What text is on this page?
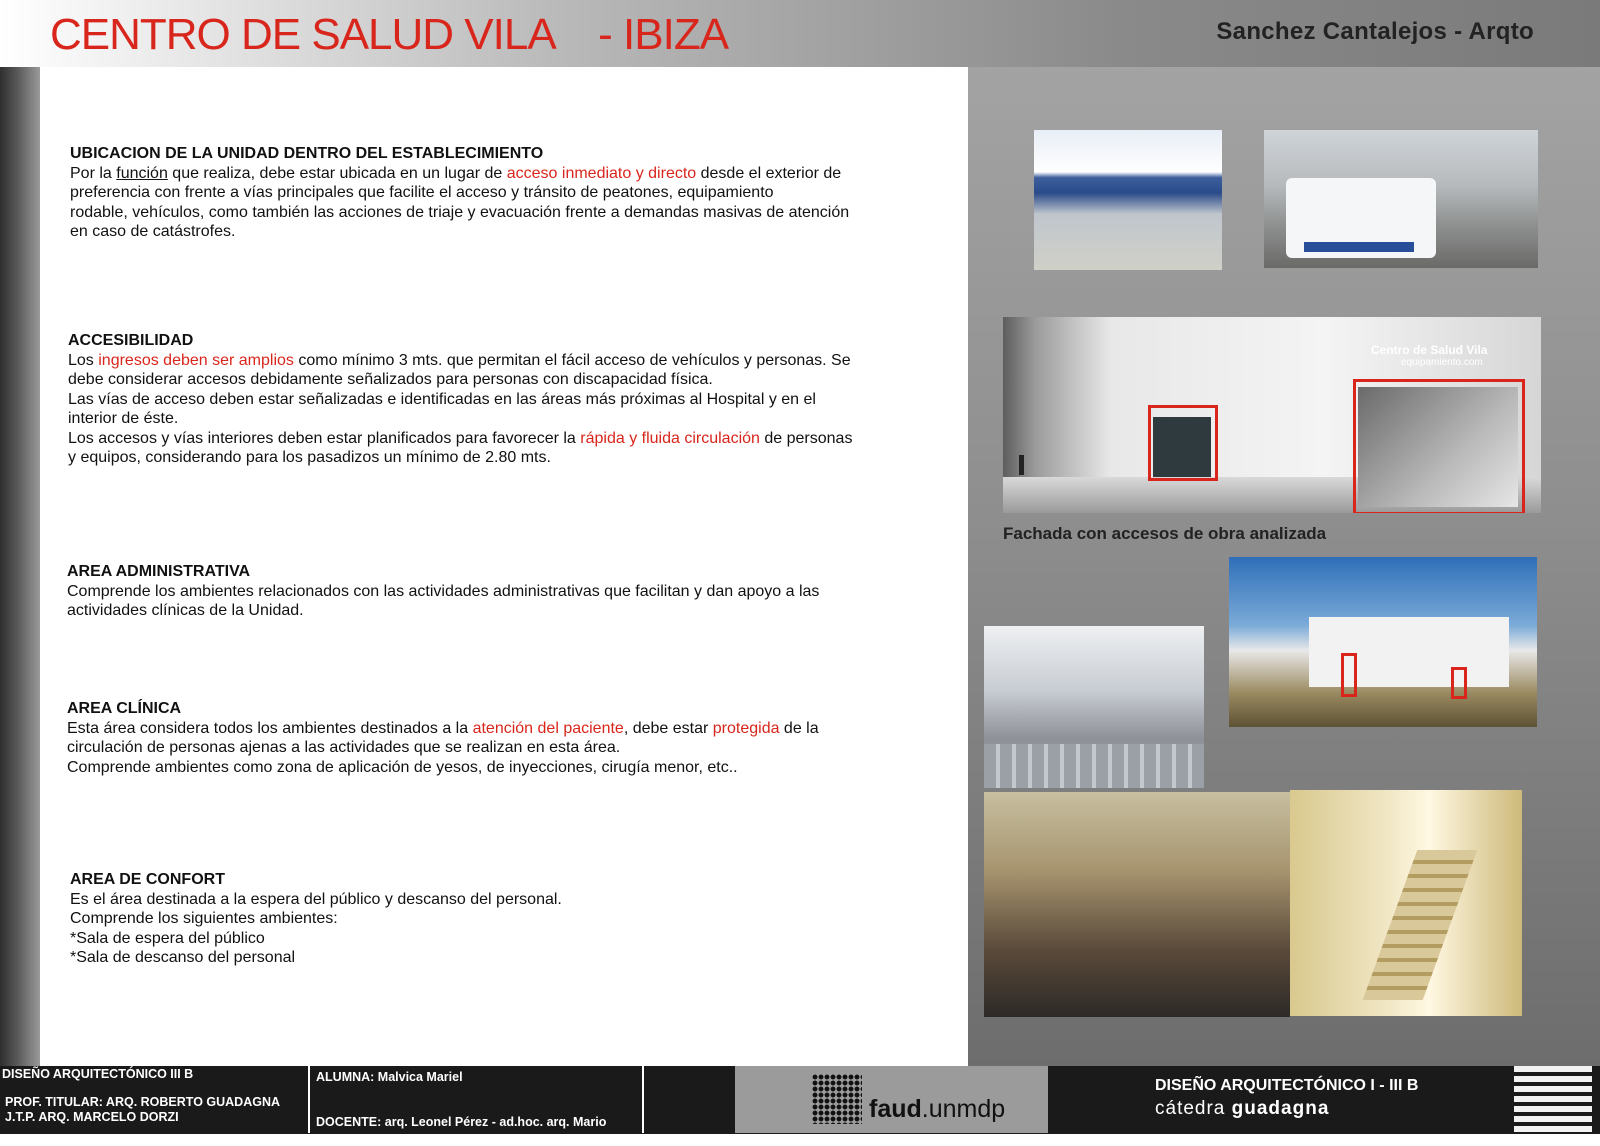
CENTRO DE SALUD VILA    - IBIZA	Sanchez Cantalejos - Arqto

UBICACION DE LA UNIDAD DENTRO DEL ESTABLECIMIENTO

Por la función que realiza, debe estar ubicada en un lugar de acceso inmediato y directo desde el exterior de

preferencia con frente a vías principales que facilite el acceso y tránsito de peatones, equipamiento

rodable, vehículos, como también las acciones de triaje y evacuación frente a demandas masivas de atención

en caso de catástrofes.

ACCESIBILIDAD

Los ingresos deben ser amplios como mínimo 3 mts. que permitan el fácil acceso de vehículos y personas. Se

debe considerar accesos debidamente señalizados para personas con discapacidad física.

Las vías de acceso deben estar señalizadas e identificadas en las áreas más próximas al Hospital y en el

interior de éste.

Los accesos y vías interiores deben estar planificados para favorecer la rápida y fluida circulación de personas

y equipos, considerando para los pasadizos un mínimo de 2.80 mts.

AREA ADMINISTRATIVA

Comprende los ambientes relacionados con las actividades administrativas que facilitan y dan apoyo a las

actividades clínicas de la Unidad.

AREA CLÍNICA

Esta área considera todos los ambientes destinados a la atención del paciente, debe estar protegida de la

circulación de personas ajenas a las actividades que se realizan en esta área.

Comprende ambientes como zona de aplicación de yesos, de inyecciones, cirugía menor, etc..

AREA DE CONFORT

Es el área destinada a la espera del público y descanso del personal.

Comprende los siguientes ambientes:

*Sala de espera del público

*Sala de descanso del personal

Centro de Salud Vila
equipamiento.com
Fachada con accesos de obra analizada
DISEÑO ARQUITECTÓNICO III B
PROF. TITULAR: ARQ. ROBERTO GUADAGNA
J.T.P. ARQ. MARCELO DORZI
ALUMNA: Malvica Mariel
DOCENTE: arq. Leonel Pérez - ad.hoc. arq. Mario	faud.unmdp
DISEÑO ARQUITECTÓNICO I - III B
cátedra guadagna
